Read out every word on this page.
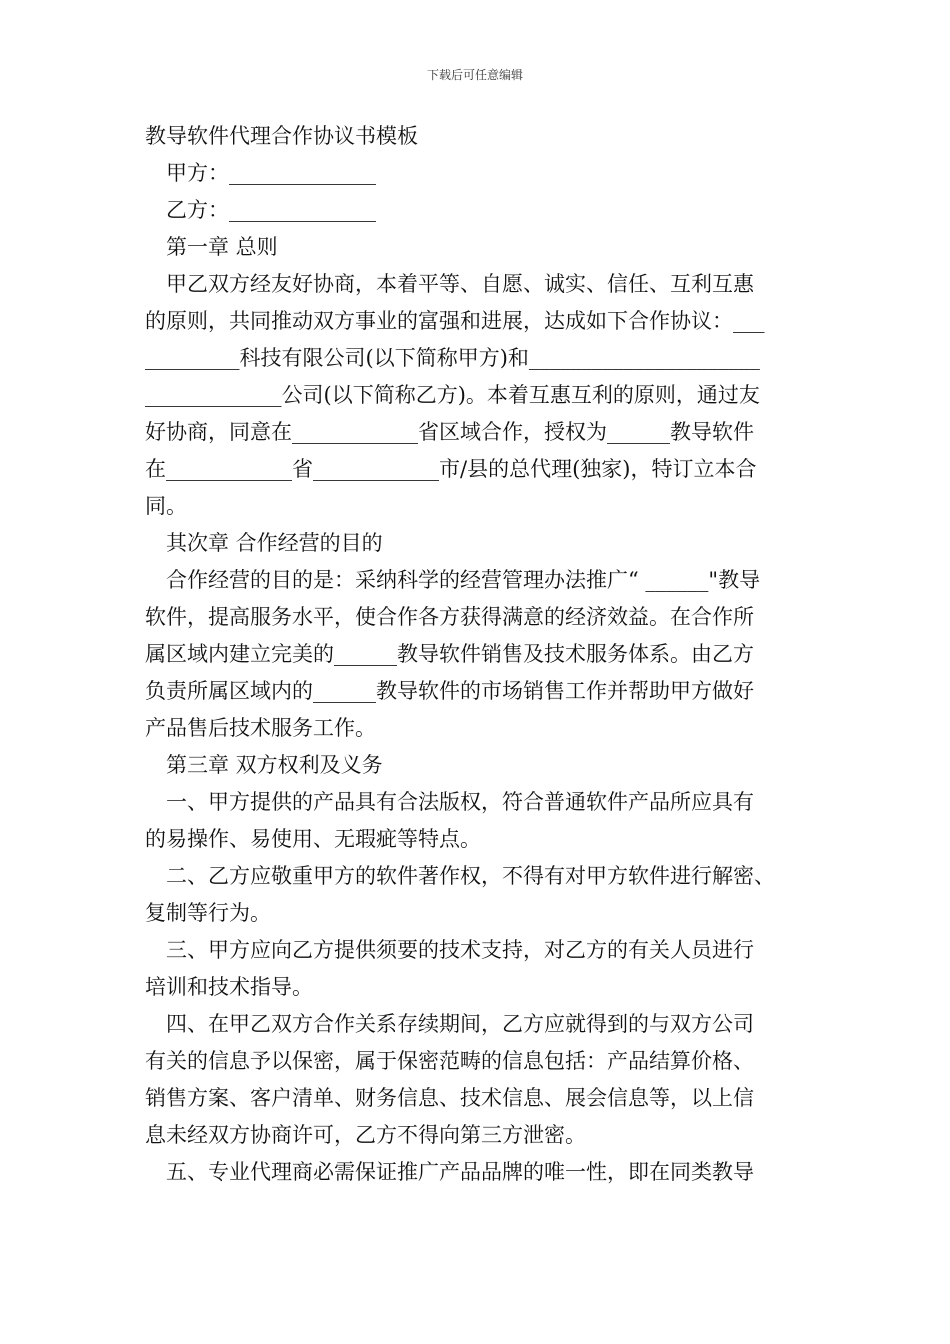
下载后可任意编辑

教导软件代理合作协议书模板

甲方：______________

乙方：______________

第一章 总则

甲乙双方经友好协商，本着平等、自愿、诚实、信任、互利互惠

的原则，共同推动双方事业的富强和进展，达成如下合作协议：___

_________科技有限公司(以下简称甲方)和______________________

_____________公司(以下简称乙方)。本着互惠互利的原则，通过友

好协商，同意在____________省区域合作，授权为______教导软件

在____________省____________市/县的总代理(独家)，特订立本合

同。

其次章 合作经营的目的

合作经营的目的是：采纳科学的经营管理办法推广“ ______"教导

软件，提高服务水平，使合作各方获得满意的经济效益。在合作所

属区域内建立完美的______教导软件销售及技术服务体系。由乙方

负责所属区域内的______教导软件的市场销售工作并帮助甲方做好

产品售后技术服务工作。

第三章 双方权利及义务

一、甲方提供的产品具有合法版权，符合普通软件产品所应具有

的易操作、易使用、无瑕疵等特点。

二、乙方应敬重甲方的软件著作权，不得有对甲方软件进行解密、

复制等行为。

三、甲方应向乙方提供须要的技术支持，对乙方的有关人员进行

培训和技术指导。

四、在甲乙双方合作关系存续期间，乙方应就得到的与双方公司

有关的信息予以保密，属于保密范畴的信息包括：产品结算价格、

销售方案、客户清单、财务信息、技术信息、展会信息等，以上信

息未经双方协商许可，乙方不得向第三方泄密。

五、专业代理商必需保证推广产品品牌的唯一性，即在同类教导
